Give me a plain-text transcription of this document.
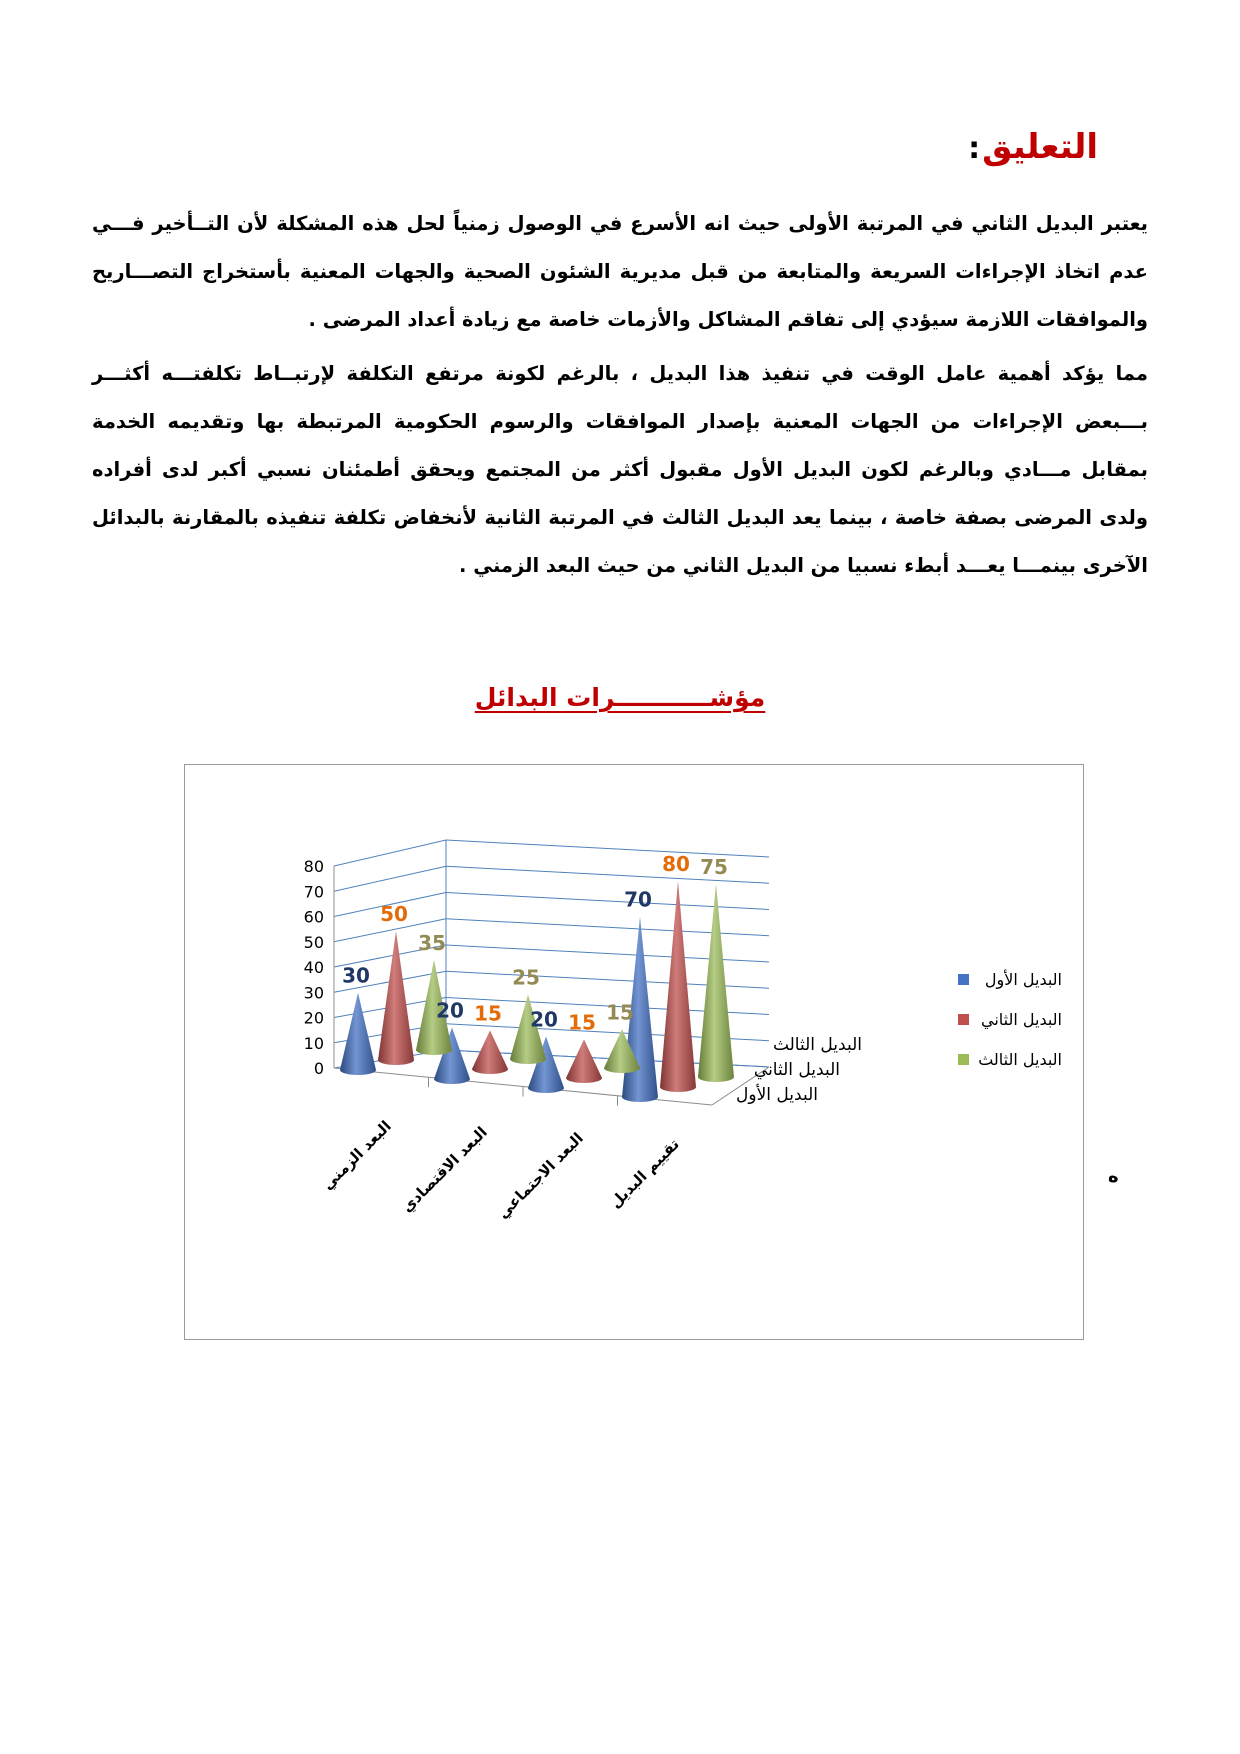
التعليق:

يعتبر البديل الثاني في المرتبة الأولى حيث انه الأسرع في الوصول زمنياً لحل هذه المشكلة لأن التــأخير فـــي عدم اتخاذ الإجراءات السريعة والمتابعة من قبل مديرية الشئون الصحية والجهات المعنية بأستخراج التصـــاريح والموافقات اللازمة سيؤدي إلى تفاقم المشاكل والأزمات خاصة مع زيادة أعداد المرضى .

مما يؤكد أهمية عامل الوقت في تنفيذ هذا البديل ، بالرغم لكونة مرتفع التكلفة لإرتبــاط تكلفتـــه أكثـــر بـــبعض الإجراءات من الجهات المعنية بإصدار الموافقات والرسوم الحكومية المرتبطة بها وتقديمه الخدمة بمقابل مـــادي وبالرغم لكون البديل الأول مقبول أكثر من المجتمع ويحقق أطمئنان نسبي أكبر لدى أفراده ولدى المرضى بصفة خاصة ، بينما يعد البديل الثالث في المرتبة الثانية لأنخفاض تكلفة تنفيذه بالمقارنة بالبدائل الآخرى بينمـــا يعـــد أبطء نسبيا من البديل الثاني من حيث البعد الزمني .

مؤشـــــــــــرات البدائل
0
10
20
30
40
50
60
70
80
البعد الزمني البعد الاقتصادي البعد الاجتماعي تقييم البديل
البديل الثالث
البديل الثاني
البديل الأول
30
20	20
70
50
15	15
80
35
25
15
75
البديل الأول
البديل الثاني
البديل الثالث
ه
